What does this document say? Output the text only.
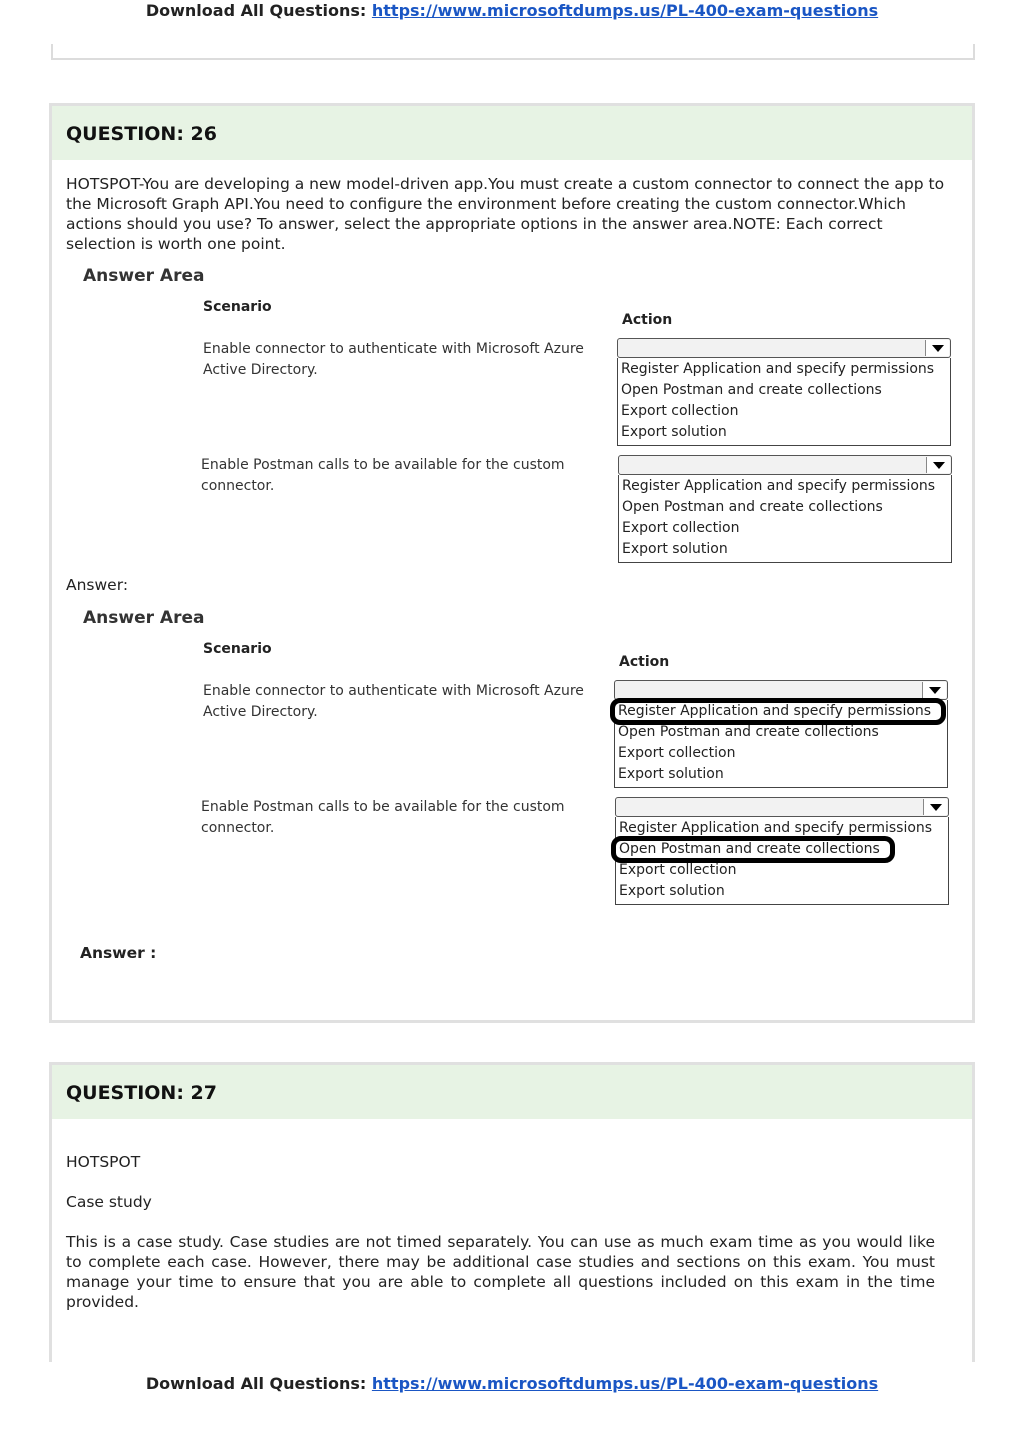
Download All Questions: https://www.microsoftdumps.us/PL-400-exam-questions
QUESTION: 26
HOTSPOT-You are developing a new model-driven app.You must create a custom connector to connect the app to the Microsoft Graph API.You need to configure the environment before creating the custom connector.Which actions should you use? To answer, select the appropriate options in the answer area.NOTE: Each correct selection is worth one point.
Answer Area
Scenario
Action
Enable connector to authenticate with Microsoft Azure Active Directory.	Register Application and specify permissions
Open Postman and create collections
Export collection
Export solution
Enable Postman calls to be available for the custom connector.	Register Application and specify permissions
Open Postman and create collections
Export collection
Export solution
Answer:
Answer Area
Scenario
Action
Enable connector to authenticate with Microsoft Azure Active Directory.	Register Application and specify permissions
Open Postman and create collections
Export collection
Export solution
Enable Postman calls to be available for the custom connector.	Register Application and specify permissions
Open Postman and create collections
Export collection
Export solution
Answer :
QUESTION: 27
HOTSPOT
Case study
This is a case study. Case studies are not timed separately. You can use as much exam time as you would like to complete each case. However, there may be additional case studies and sections on this exam. You must manage your time to ensure that you are able to complete all questions included on this exam in the time provided.
Download All Questions: https://www.microsoftdumps.us/PL-400-exam-questions
